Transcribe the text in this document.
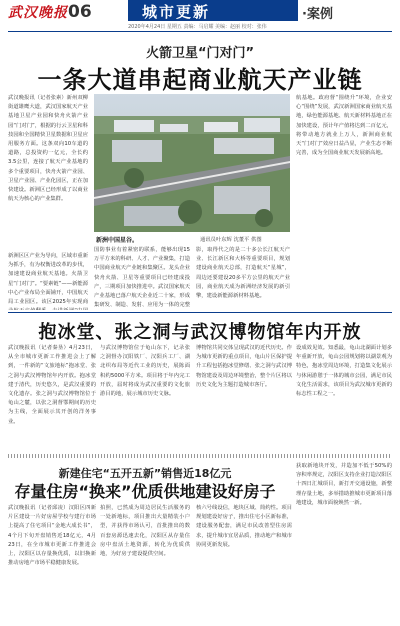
武汉晚报 06	城市更新	·案例
2020年4月24日 星期五 责编：马启耀 美编：赵丽 校对：张伟
火箭卫星“门对门”
一条大道串起商业航天产业链
武汉晚报讯（记者张素）新州双柳街道雄鹰大道，武汉国家航天产业基地卫星产业园和快舟火箭产业园“门对门”，根据的行云卫星和科技园和全国精快卫星数据和卫星应用服务方面。这条双向10车道的道路，总投资约一亿元，全长约3.5公里，连接了航天产业基地的多个重要项目，快舟火箭产业园、卫星产业园、产业化园区，正在加快建设。新洲区已经形成了以商业航天为核心的产业集群。
新洲区区产业为导向，区域市重新为抓手，有为权衡进改革的步伐，加速建设商业航天基地。火箭卫星“门对门”。“要素链”——新能源中心产业布局全面铺开，中国航天局工业园区。该区2025年实现商
新洲中国星谷。	通讯员叶东辉 沈董平 供图
国防事业有着紧密的联系，能够出现15万平方米的科研、人才、产业聚集，打造中国商业航天产业链和集聚区。龙头企业快舟火箭、卫星等重要项目已经建成投产，三期项目加快推进中。武汉国家航天产业基地已落户航天企业近二十家，形成集研发、制造、发射、应用为一体的完整
影，取得代之的是二十多公长江航天产业、长江新区和大桥等重要项目，规划建设商业航天总部，打造航天“星城”，周边还要建设20多平方公里的航天产业园，商业航天成为新洲经济发展的新引擎，建设新能源新材料基地。
航基地。政府督“围绕升”环境，企业安心“围绕”发展，武汉新洲国家商业航天基地，绿色能源基地、航天新材料基地正在加快建设，预计年产值将达到二百亿元，将带动地方就业上万人，新洲商业航天“门对门”效应日益凸显，产业生态不断完善，成为全国商业航天发展新高地。
抱冰堂、张之洞与武汉博物馆年内开放
武汉晚报讯（记者秦垦）4月23日，从全市城市更新工作推进会上了解到，一件新的“文旅地标”抱冰堂、张之洞与武汉博物馆年内开放。抱冰堂建于清代，历史悠久，是武汉重要的文化遗存。张之洞与武汉博物馆位于龟山之麓，以张之洞督鄂期间的历史为主线，全面展示其开创的洋务事业。
与武汉博物馆位于龟山东下，记录张之洞督办汉阳铁厂、汉阳兵工厂、湖北织布局等近代工业的历史，展陈面积约5000平方米。项目将于年内完工开放，届时将成为武汉重要的文化旅游目的地，展示城市历史文脉。
博物馆共同交体呈现武汉的近代历史。作为城市更新的重点项目，龟山片区保护提升工程包括抱冰堂修缮、张之洞与武汉博物馆建设及周边环境整治，整个片区将以历史文化为主题打造城市客厅。
设成效见效。知悉最，龟山北湖面计划多年重新开放，龟山公园规划将以湖景观为特色，抱冰堂周边环境，打造集文化展示与休闲游憩于一体的城市公园，满足市民文化生活需求，该项目为武汉城市更新的标志性工程之一。
新建住宅“五开五新”销售近18亿元
存量住房“换来”优质供地建设好房子
武汉晚报讯（记者邱凌）汉阳区四新片区建设一片好房屋学校与建行市场上提高了住宅项目“金地大成长书”，4个月下旬开盘销售近18亿元，4月23日，在全市城市更新工作推进会上，汉阳区以存量换优质，以旧换新推动房地产市场平稳健康发展。
拍照，已然成为周边居民生活服务的一处新地标，项目推出大量精装小户型，并获得市场认可，首批推出的数百套房源迅速去化，汉阳区从存量住房中盘活土地资源，转化为优质供地，为好房子建设提供空间。
核六号线设信，地块区域、简约性。项目规划建设好房子，推出住宅小区新标准，建设服务配套，满足市民改善型住房需求，提升城市宜居品质，推动地产和城市协同更新发展。
获取新地块开发，并造加不低于50%的容积率规定，汉阳区支持企业打造汉阳区十四日汇城项目，新打开交通设施，新整理存量土地，多举措助推城市更新项目落地建设，城市面貌焕然一新。
